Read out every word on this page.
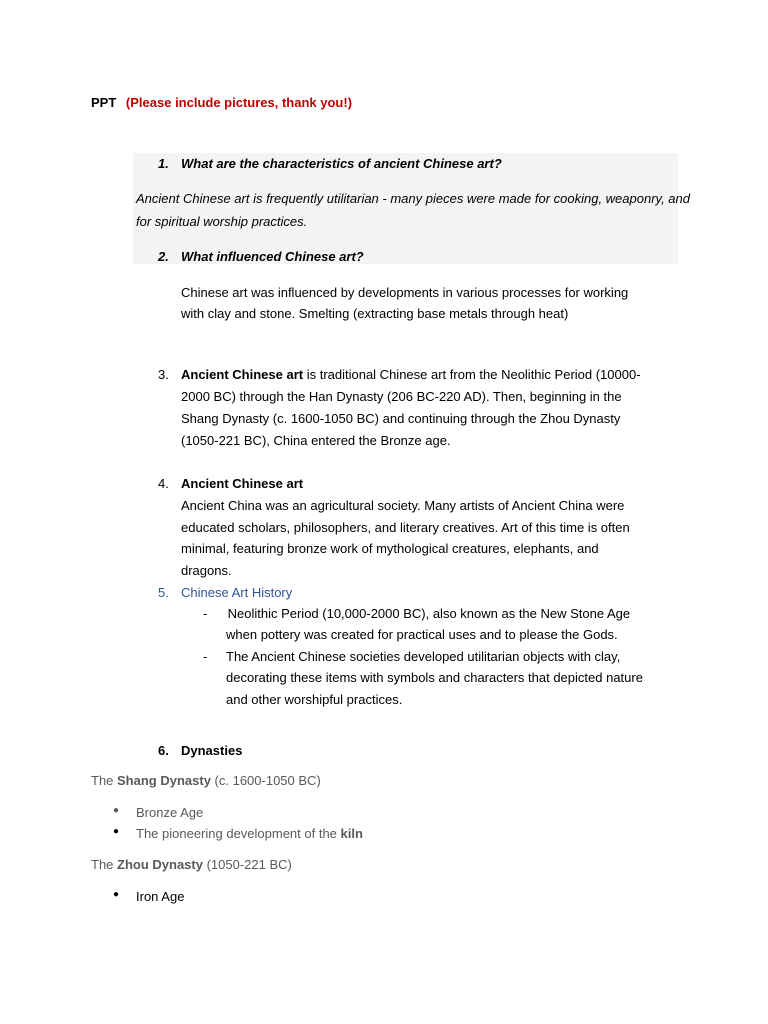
PPT (Please include pictures, thank you!)
1. What are the characteristics of ancient Chinese art?
Ancient Chinese art is frequently utilitarian - many pieces were made for cooking, weaponry, and
for spiritual worship practices.
2. What influenced Chinese art?
Chinese art was influenced by developments in various processes for working
with clay and stone. Smelting (extracting base metals through heat)
3. Ancient Chinese art is traditional Chinese art from the Neolithic Period (10000-
2000 BC) through the Han Dynasty (206 BC-220 AD). Then, beginning in the
Shang Dynasty (c. 1600-1050 BC) and continuing through the Zhou Dynasty
(1050-221 BC), China entered the Bronze age.
4. Ancient Chinese art
Ancient China was an agricultural society. Many artists of Ancient China were
educated scholars, philosophers, and literary creatives. Art of this time is often
minimal, featuring bronze work of mythological creatures, elephants, and
dragons.
5. Chinese Art History
- Neolithic Period (10,000-2000 BC), also known as the New Stone Age
when pottery was created for practical uses and to please the Gods.
- The Ancient Chinese societies developed utilitarian objects with clay,
decorating these items with symbols and characters that depicted nature
and other worshipful practices.
6. Dynasties
The Shang Dynasty (c. 1600-1050 BC)
● Bronze Age
● The pioneering development of the kiln
The Zhou Dynasty (1050-221 BC)
● Iron Age
